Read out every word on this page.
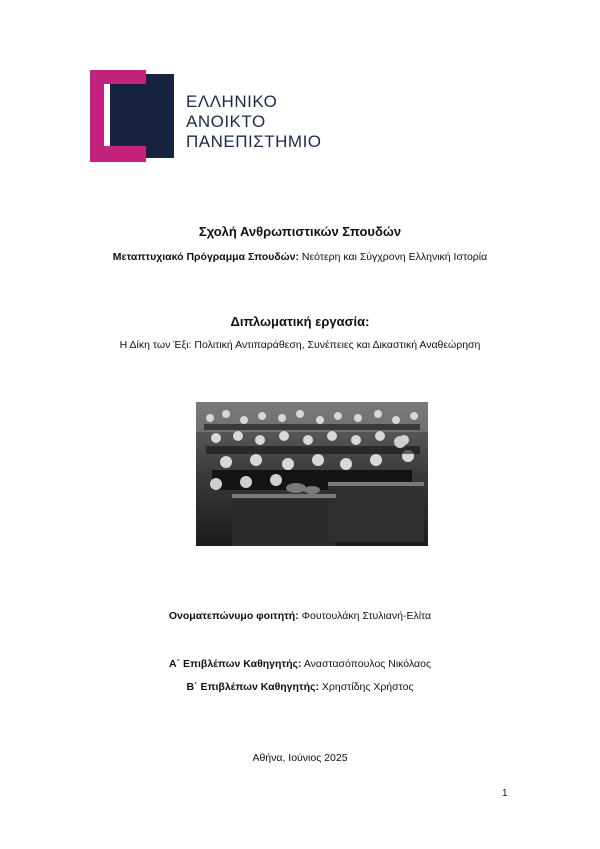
ΕΛΛΗΝΙΚΟ
ΑΝΟΙΚΤΟ
ΠΑΝΕΠΙΣΤΗΜΙΟ
Σχολή Ανθρωπιστικών Σπουδών
Μεταπτυχιακό Πρόγραμμα Σπουδών: Νεότερη και Σύγχρονη Ελληνική Ιστορία
Διπλωματική εργασία:
Η Δίκη των Έξι: Πολιτική Αντιπαράθεση, Συνέπειες και Δικαστική Αναθεώρηση
Ονοματεπώνυμο φοιτητή: Φουτουλάκη Στυλιανή-Ελίτα
Α΄ Επιβλέπων Καθηγητής: Αναστασόπουλος Νικόλαος
Β΄ Επιβλέπων Καθηγητής: Χρηστίδης Χρήστος
Αθήνα, Ιούνιος 2025
1
